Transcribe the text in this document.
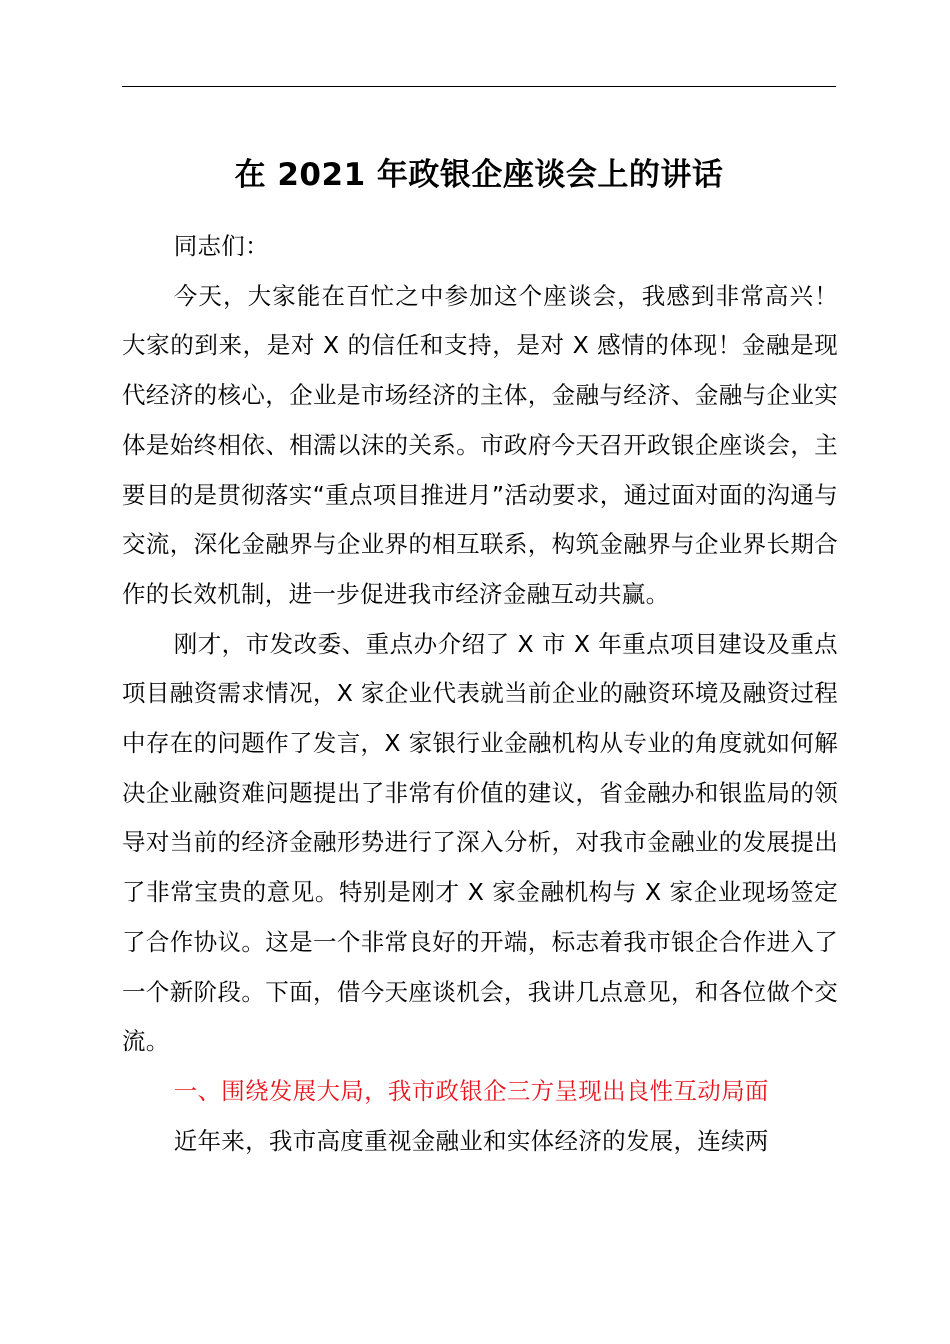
在 2021 年政银企座谈会上的讲话

同志们：

今天，大家能在百忙之中参加这个座谈会，我感到非常高兴！大家的到来，是对 X 的信任和支持，是对 X 感情的体现！金融是现代经济的核心，企业是市场经济的主体，金融与经济、金融与企业实体是始终相依、相濡以沫的关系。市政府今天召开政银企座谈会，主要目的是贯彻落实“重点项目推进月”活动要求，通过面对面的沟通与交流，深化金融界与企业界的相互联系，构筑金融界与企业界长期合作的长效机制，进一步促进我市经济金融互动共赢。

刚才，市发改委、重点办介绍了 X 市 X 年重点项目建设及重点项目融资需求情况，X 家企业代表就当前企业的融资环境及融资过程中存在的问题作了发言，X 家银行业金融机构从专业的角度就如何解决企业融资难问题提出了非常有价值的建议，省金融办和银监局的领导对当前的经济金融形势进行了深入分析，对我市金融业的发展提出了非常宝贵的意见。特别是刚才 X 家金融机构与 X 家企业现场签定了合作协议。这是一个非常良好的开端，标志着我市银企合作进入了一个新阶段。下面，借今天座谈机会，我讲几点意见，和各位做个交流。

一、围绕发展大局，我市政银企三方呈现出良性互动局面

近年来，我市高度重视金融业和实体经济的发展，连续两
